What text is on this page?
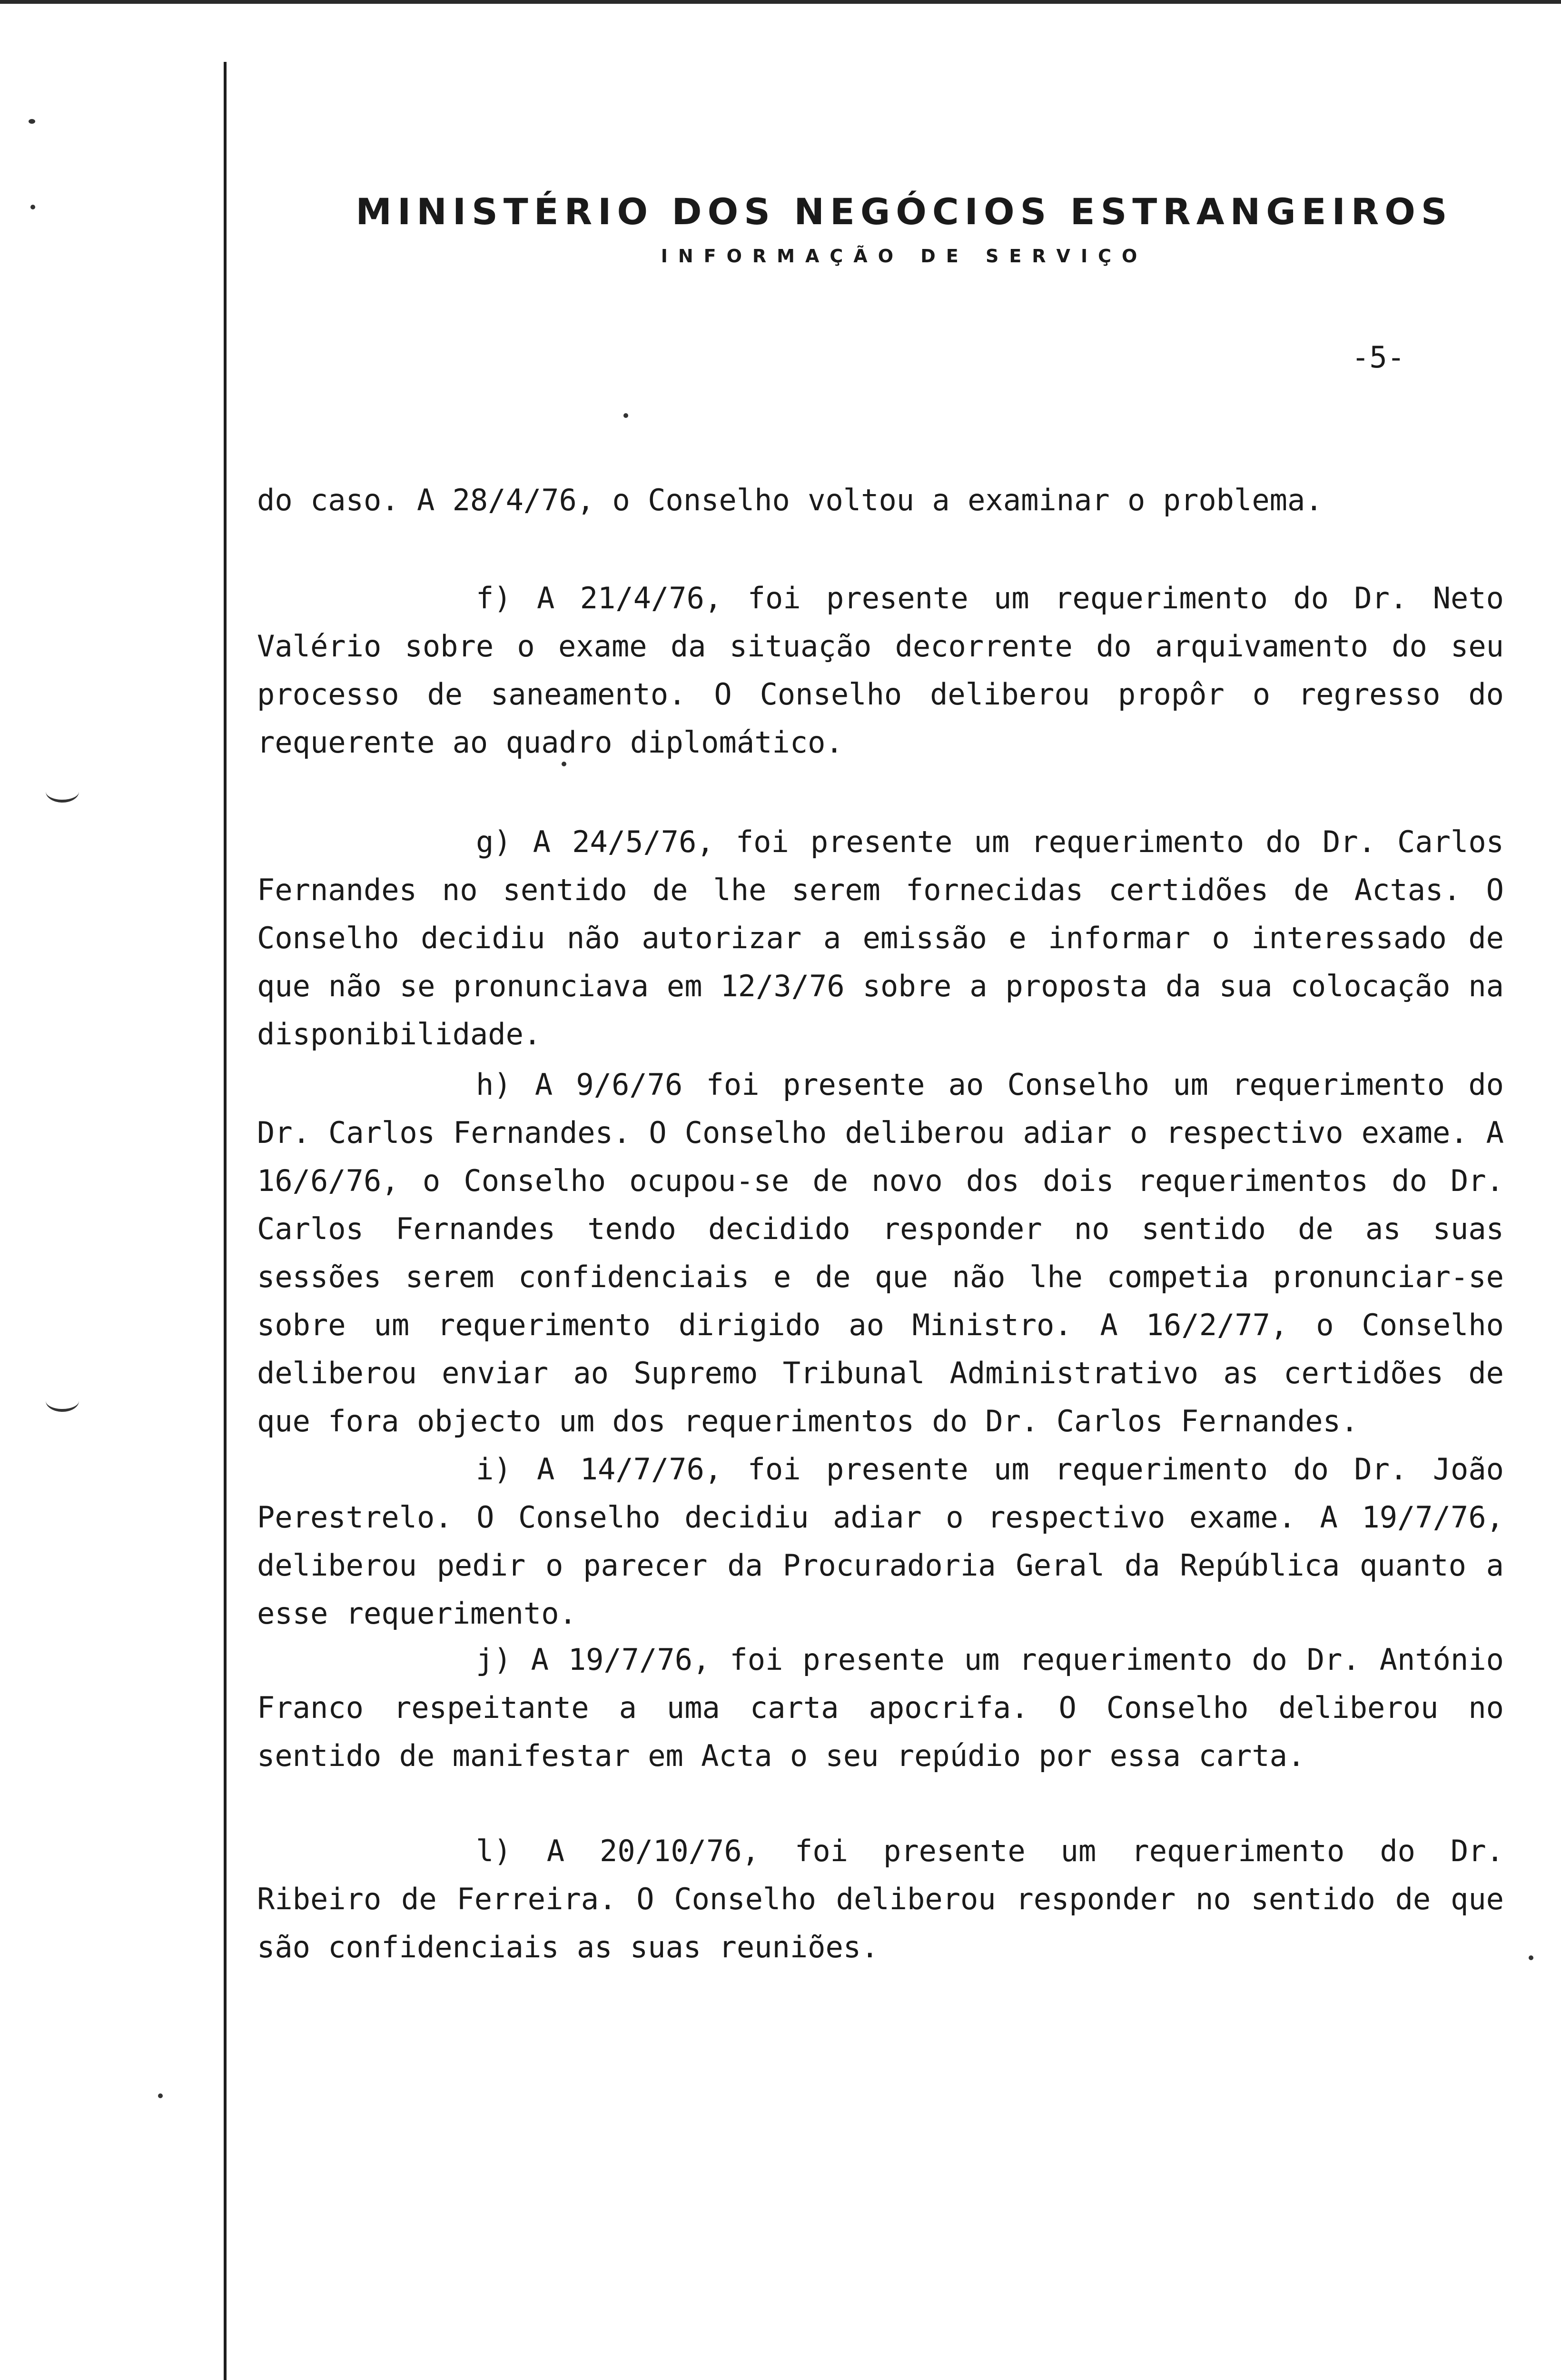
MINISTÉRIO DOS NEGÓCIOS ESTRANGEIROS
INFORMAÇÃO DE SERVIÇO
-5-

do caso. A 28/4/76, o Conselho voltou a examinar o problema.

f) A 21/4/76, foi presente um requerimento do Dr. Neto Valério sobre o exame da situação decorrente do arquivamento do seu processo de saneamento. O Conselho deliberou propôr o regresso do requerente ao quadro diplomático.

g) A 24/5/76, foi presente um requerimento do Dr. Carlos Fernandes no sentido de lhe serem fornecidas certidões de Actas. O Conselho decidiu não autorizar a emissão e informar o interessado de que não se pronunciava em 12/3/76 sobre a proposta da sua colocação na disponibilidade.

h) A 9/6/76 foi presente ao Conselho um requerimento do Dr. Carlos Fernandes. O Conselho deliberou adiar o respectivo exame. A 16/6/76, o Conselho ocupou-se de novo dos dois requerimentos do Dr. Carlos Fernandes tendo decidido responder no sentido de as suas sessões serem confidenciais e de que não lhe competia pronunciar-se sobre um requerimento dirigido ao Ministro. A 16/2/77, o Conselho deliberou enviar ao Supremo Tribunal Administrativo as certidões de que fora objecto um dos requerimentos do Dr. Carlos Fernandes.

i) A 14/7/76, foi presente um requerimento do Dr. João Perestrelo. O Conselho decidiu adiar o respectivo exame. A 19/7/76, deliberou pedir o parecer da Procuradoria Geral da República quanto a esse requerimento.

j) A 19/7/76, foi presente um requerimento do Dr. António Franco respeitante a uma carta apocrifa. O Conselho deliberou no sentido de manifestar em Acta o seu repúdio por essa carta.

l) A 20/10/76, foi presente um requerimento do Dr. Ribeiro de Ferreira. O Conselho deliberou responder no sentido de que são confidenciais as suas reuniões.
